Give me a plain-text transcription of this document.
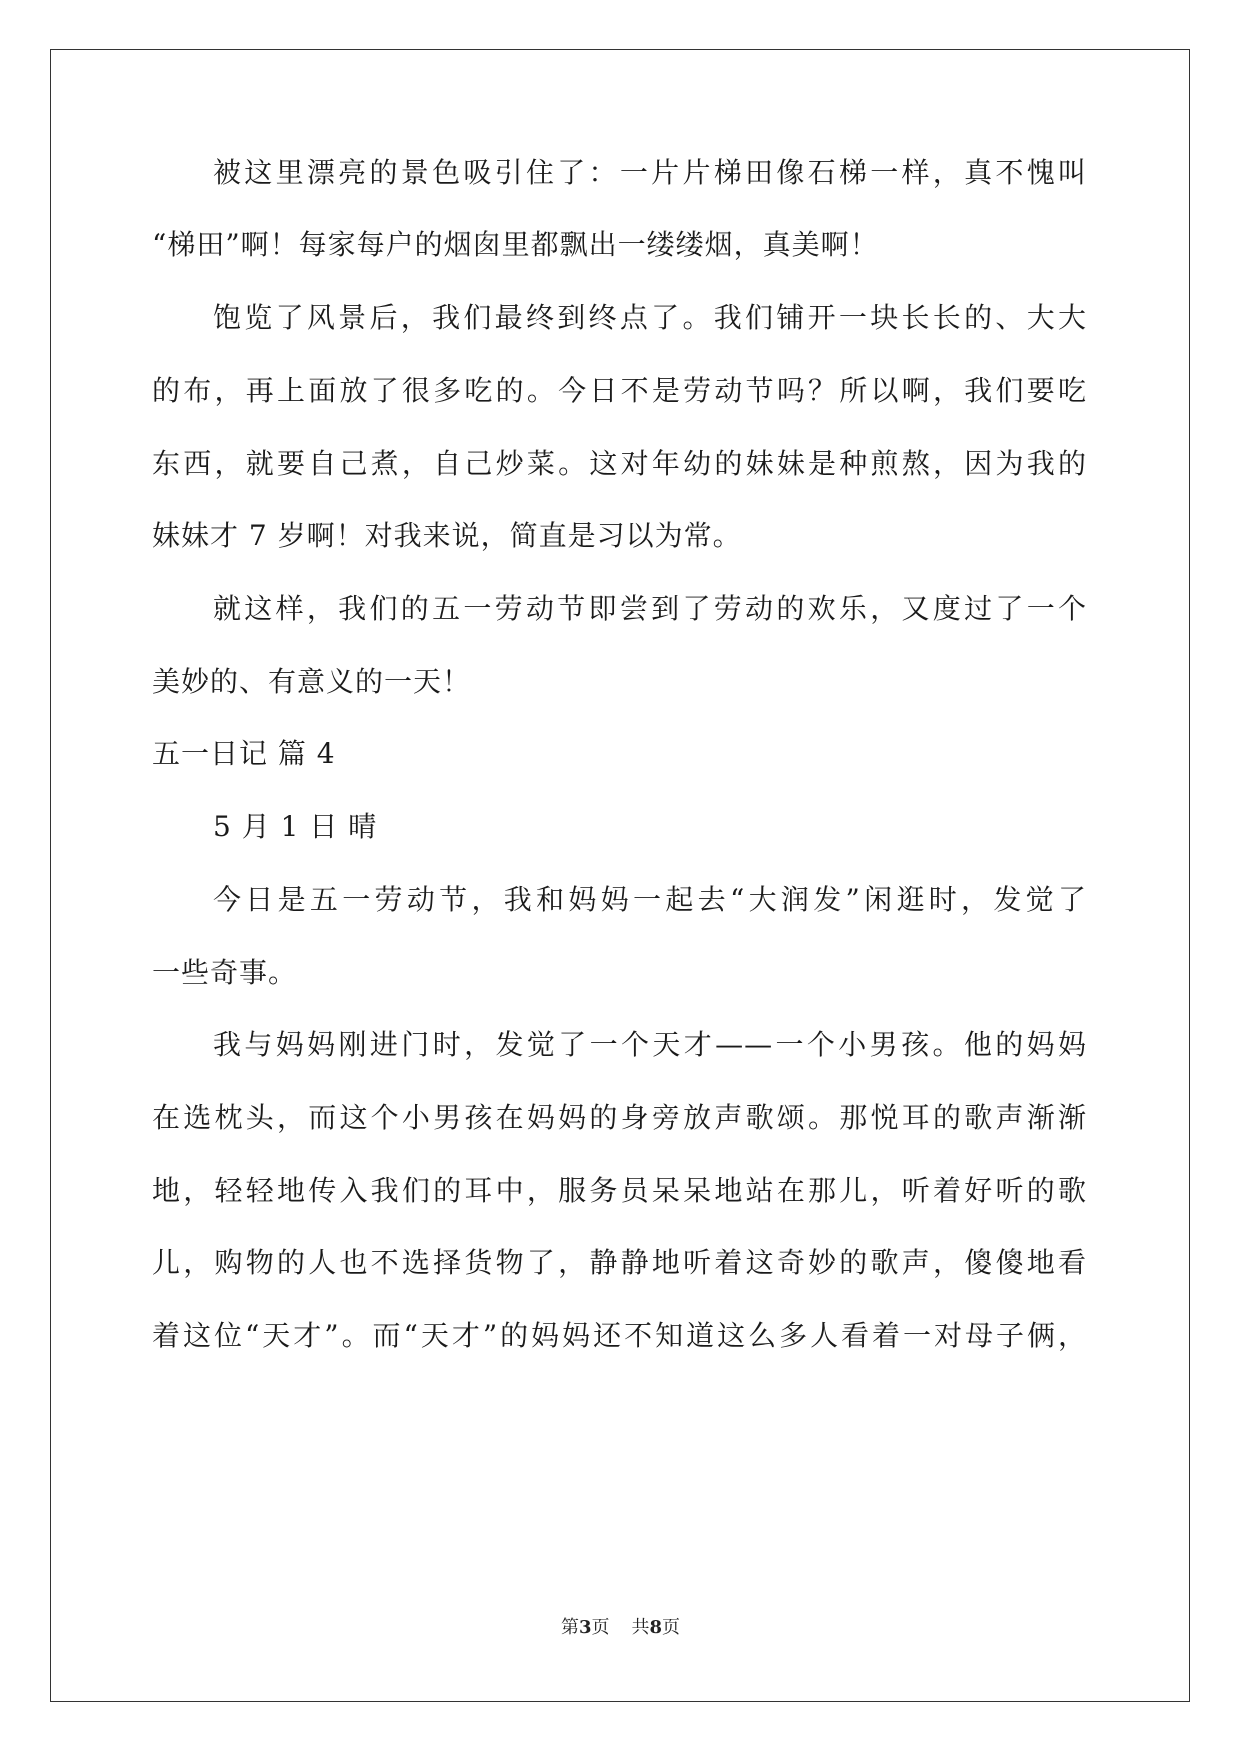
被这里漂亮的景色吸引住了：一片片梯田像石梯一样，真不愧叫
“梯田”啊！每家每户的烟囱里都飘出一缕缕烟，真美啊！
饱览了风景后，我们最终到终点了。我们铺开一块长长的、大大
的布，再上面放了很多吃的。今日不是劳动节吗？所以啊，我们要吃
东西，就要自己煮，自己炒菜。这对年幼的妹妹是种煎熬，因为我的
妹妹才 7 岁啊！对我来说，简直是习以为常。
就这样，我们的五一劳动节即尝到了劳动的欢乐，又度过了一个
美妙的、有意义的一天！
五一日记 篇 4
5 月 1 日 晴
今日是五一劳动节，我和妈妈一起去“大润发”闲逛时，发觉了
一些奇事。
我与妈妈刚进门时，发觉了一个天才——一个小男孩。他的妈妈
在选枕头，而这个小男孩在妈妈的身旁放声歌颂。那悦耳的歌声渐渐
地，轻轻地传入我们的耳中，服务员呆呆地站在那儿，听着好听的歌
儿，购物的人也不选择货物了，静静地听着这奇妙的歌声，傻傻地看
着这位“天才”。而“天才”的妈妈还不知道这么多人看着一对母子俩，
第3页 共8页
